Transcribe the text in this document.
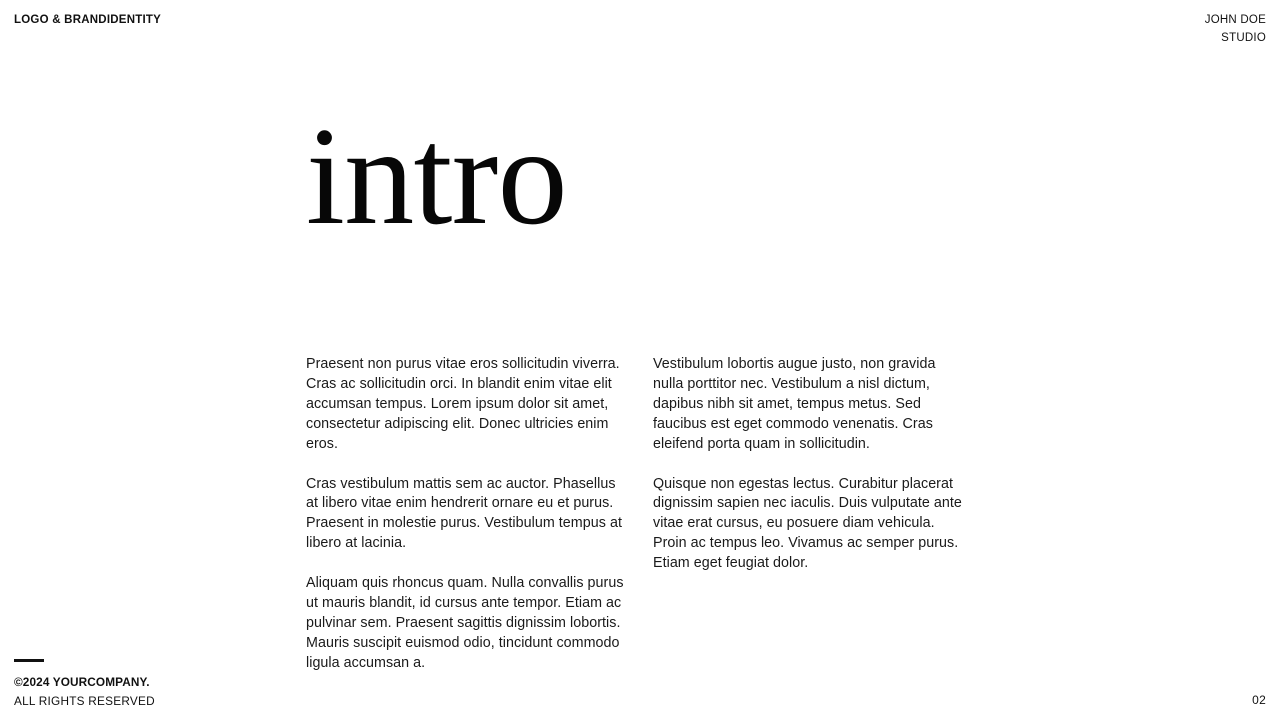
LOGO & BRANDIDENTITY	JOHN DOE
STUDIO
intro

Praesent non purus vitae eros sollicitudin viverra. Cras ac sollicitudin orci. In blandit enim vitae elit accumsan tempus. Lorem ipsum dolor sit amet, consectetur adipiscing elit. Donec ultricies enim eros.

Cras vestibulum mattis sem ac auctor. Phasellus at libero vitae enim hendrerit ornare eu et purus. Praesent in molestie purus. Vestibulum tempus at libero at lacinia.

Aliquam quis rhoncus quam. Nulla convallis purus ut mauris blandit, id cursus ante tempor. Etiam ac pulvinar sem. Praesent sagittis dignissim lobortis. Mauris suscipit euismod odio, tincidunt commodo ligula accumsan a.

Vestibulum lobortis augue justo, non gravida nulla porttitor nec. Vestibulum a nisl dictum, dapibus nibh sit amet, tempus metus. Sed faucibus est eget commodo venenatis. Cras eleifend porta quam in sollicitudin.

Quisque non egestas lectus. Curabitur placerat dignissim sapien nec iaculis. Duis vulputate ante vitae erat cursus, eu posuere diam vehicula. Proin ac tempus leo. Vivamus ac semper purus. Etiam eget feugiat dolor.

©2024 YOURCOMPANY.
ALL RIGHTS RESERVED	02
